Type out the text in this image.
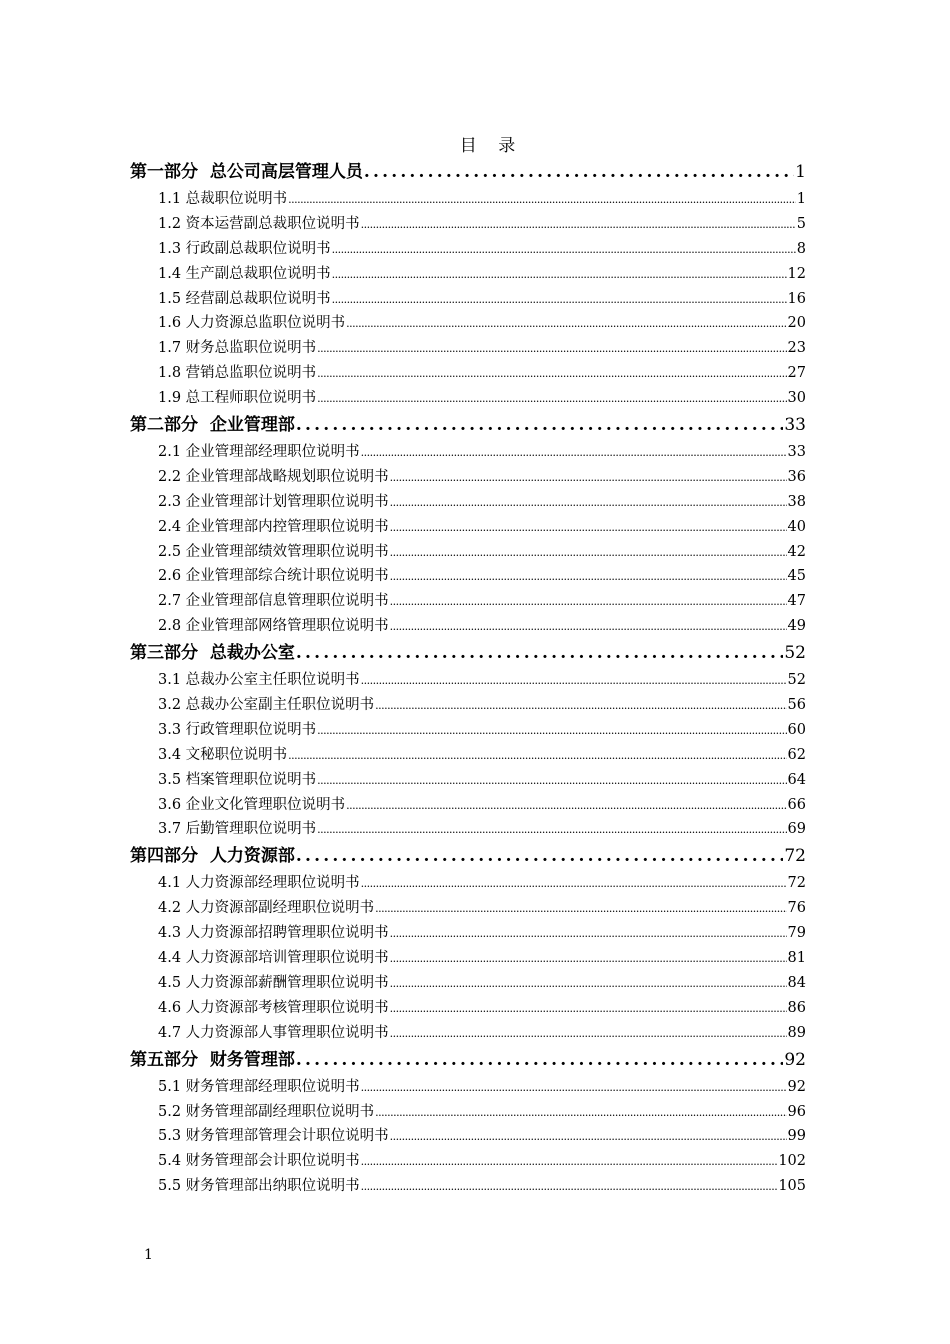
目    录
第一部分  总公司高层管理人员 .....	1
1.1 总裁职位说明书 .....	1
1.2 资本运营副总裁职位说明书 .....	5
1.3 行政副总裁职位说明书 .....	8
1.4 生产副总裁职位说明书 .....	12
1.5 经营副总裁职位说明书 .....	16
1.6 人力资源总监职位说明书 .....	20
1.7 财务总监职位说明书 .....	23
1.8 营销总监职位说明书 .....	27
1.9 总工程师职位说明书 .....	30
第二部分  企业管理部 .....	33
2.1 企业管理部经理职位说明书 .....	33
2.2 企业管理部战略规划职位说明书 .....	36
2.3 企业管理部计划管理职位说明书 .....	38
2.4 企业管理部内控管理职位说明书 .....	40
2.5 企业管理部绩效管理职位说明书 .....	42
2.6 企业管理部综合统计职位说明书 .....	45
2.7 企业管理部信息管理职位说明书 .....	47
2.8 企业管理部网络管理职位说明书 .....	49
第三部分  总裁办公室 .....	52
3.1 总裁办公室主任职位说明书 .....	52
3.2 总裁办公室副主任职位说明书 .....	56
3.3 行政管理职位说明书 .....	60
3.4 文秘职位说明书 .....	62
3.5 档案管理职位说明书 .....	64
3.6 企业文化管理职位说明书 .....	66
3.7 后勤管理职位说明书 .....	69
第四部分  人力资源部 .....	72
4.1 人力资源部经理职位说明书 .....	72
4.2 人力资源部副经理职位说明书 .....	76
4.3 人力资源部招聘管理职位说明书 .....	79
4.4 人力资源部培训管理职位说明书 .....	81
4.5 人力资源部薪酬管理职位说明书 .....	84
4.6 人力资源部考核管理职位说明书 .....	86
4.7 人力资源部人事管理职位说明书 .....	89
第五部分  财务管理部 .....	92
5.1 财务管理部经理职位说明书 .....	92
5.2 财务管理部副经理职位说明书 .....	96
5.3 财务管理部管理会计职位说明书 .....	99
5.4 财务管理部会计职位说明书 .....	102
5.5 财务管理部出纳职位说明书 .....	105
1
